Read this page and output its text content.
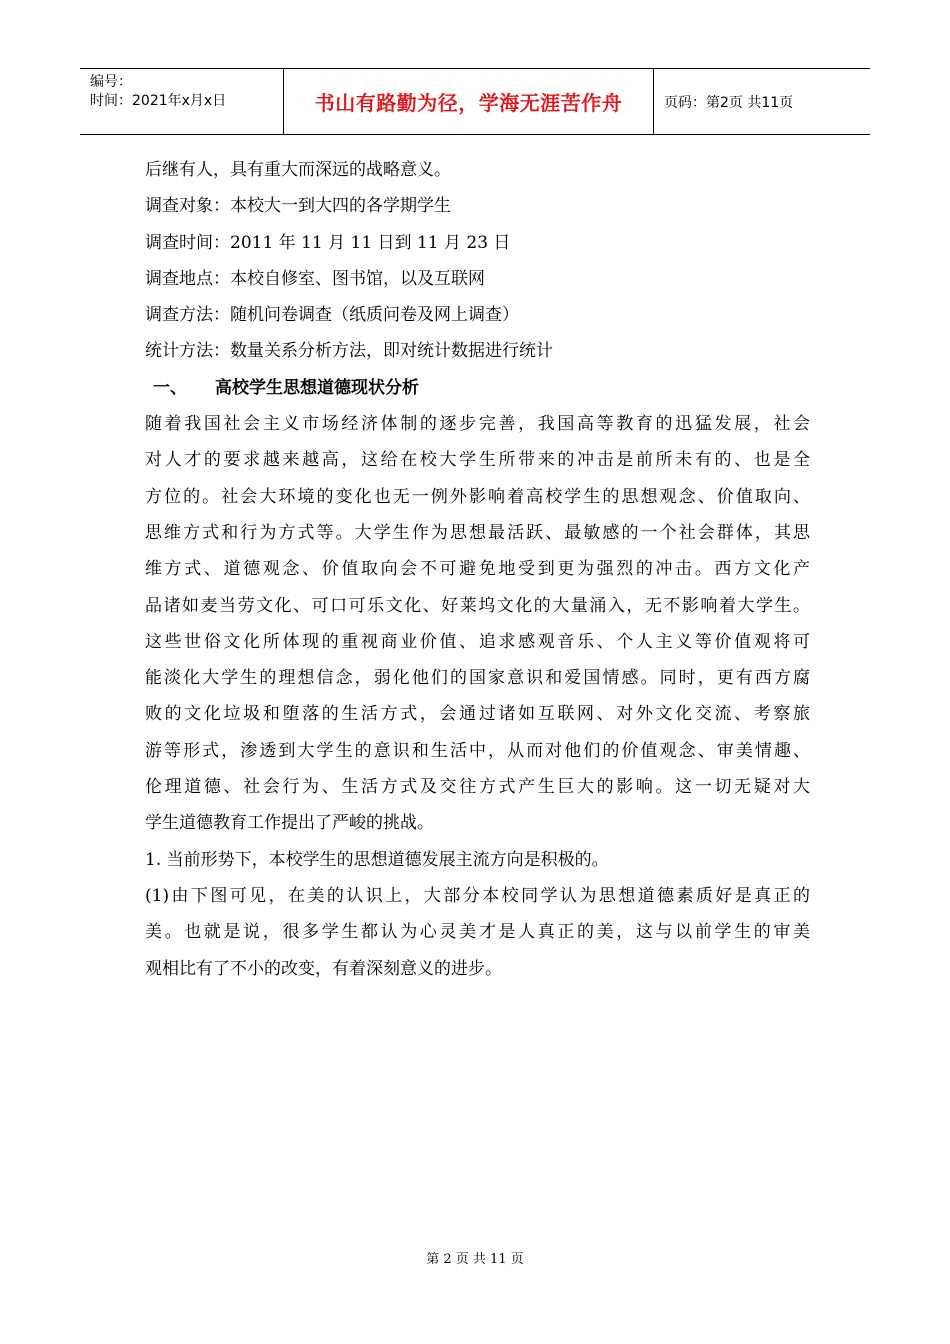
编号：
时间：2021年x月x日	书山有路勤为径，学海无涯苦作舟	页码：第2页 共11页

后继有人，具有重大而深远的战略意义。

调查对象：本校大一到大四的各学期学生

调查时间：2011 年 11 月 11 日到 11 月 23 日

调查地点：本校自修室、图书馆，以及互联网

调查方法：随机问卷调查（纸质问卷及网上调查）

统计方法：数量关系分析方法，即对统计数据进行统计

一、 高校学生思想道德现状分析

随着我国社会主义市场经济体制的逐步完善，我国高等教育的迅猛发展，社会

对人才的要求越来越高，这给在校大学生所带来的冲击是前所未有的、也是全

方位的。社会大环境的变化也无一例外影响着高校学生的思想观念、价值取向、

思维方式和行为方式等。大学生作为思想最活跃、最敏感的一个社会群体，其思

维方式、道德观念、价值取向会不可避免地受到更为强烈的冲击。西方文化产

品诸如麦当劳文化、可口可乐文化、好莱坞文化的大量涌入，无不影响着大学生。

这些世俗文化所体现的重视商业价值、追求感观音乐、个人主义等价值观将可

能淡化大学生的理想信念，弱化他们的国家意识和爱国情感。同时，更有西方腐

败的文化垃圾和堕落的生活方式，会通过诸如互联网、对外文化交流、考察旅

游等形式，渗透到大学生的意识和生活中，从而对他们的价值观念、审美情趣、

伦理道德、社会行为、生活方式及交往方式产生巨大的影响。这一切无疑对大

学生道德教育工作提出了严峻的挑战。

1. 当前形势下，本校学生的思想道德发展主流方向是积极的。

(1)由下图可见，在美的认识上，大部分本校同学认为思想道德素质好是真正的

美。也就是说，很多学生都认为心灵美才是人真正的美，这与以前学生的审美

观相比有了不小的改变，有着深刻意义的进步。

第 2 页 共 11 页
